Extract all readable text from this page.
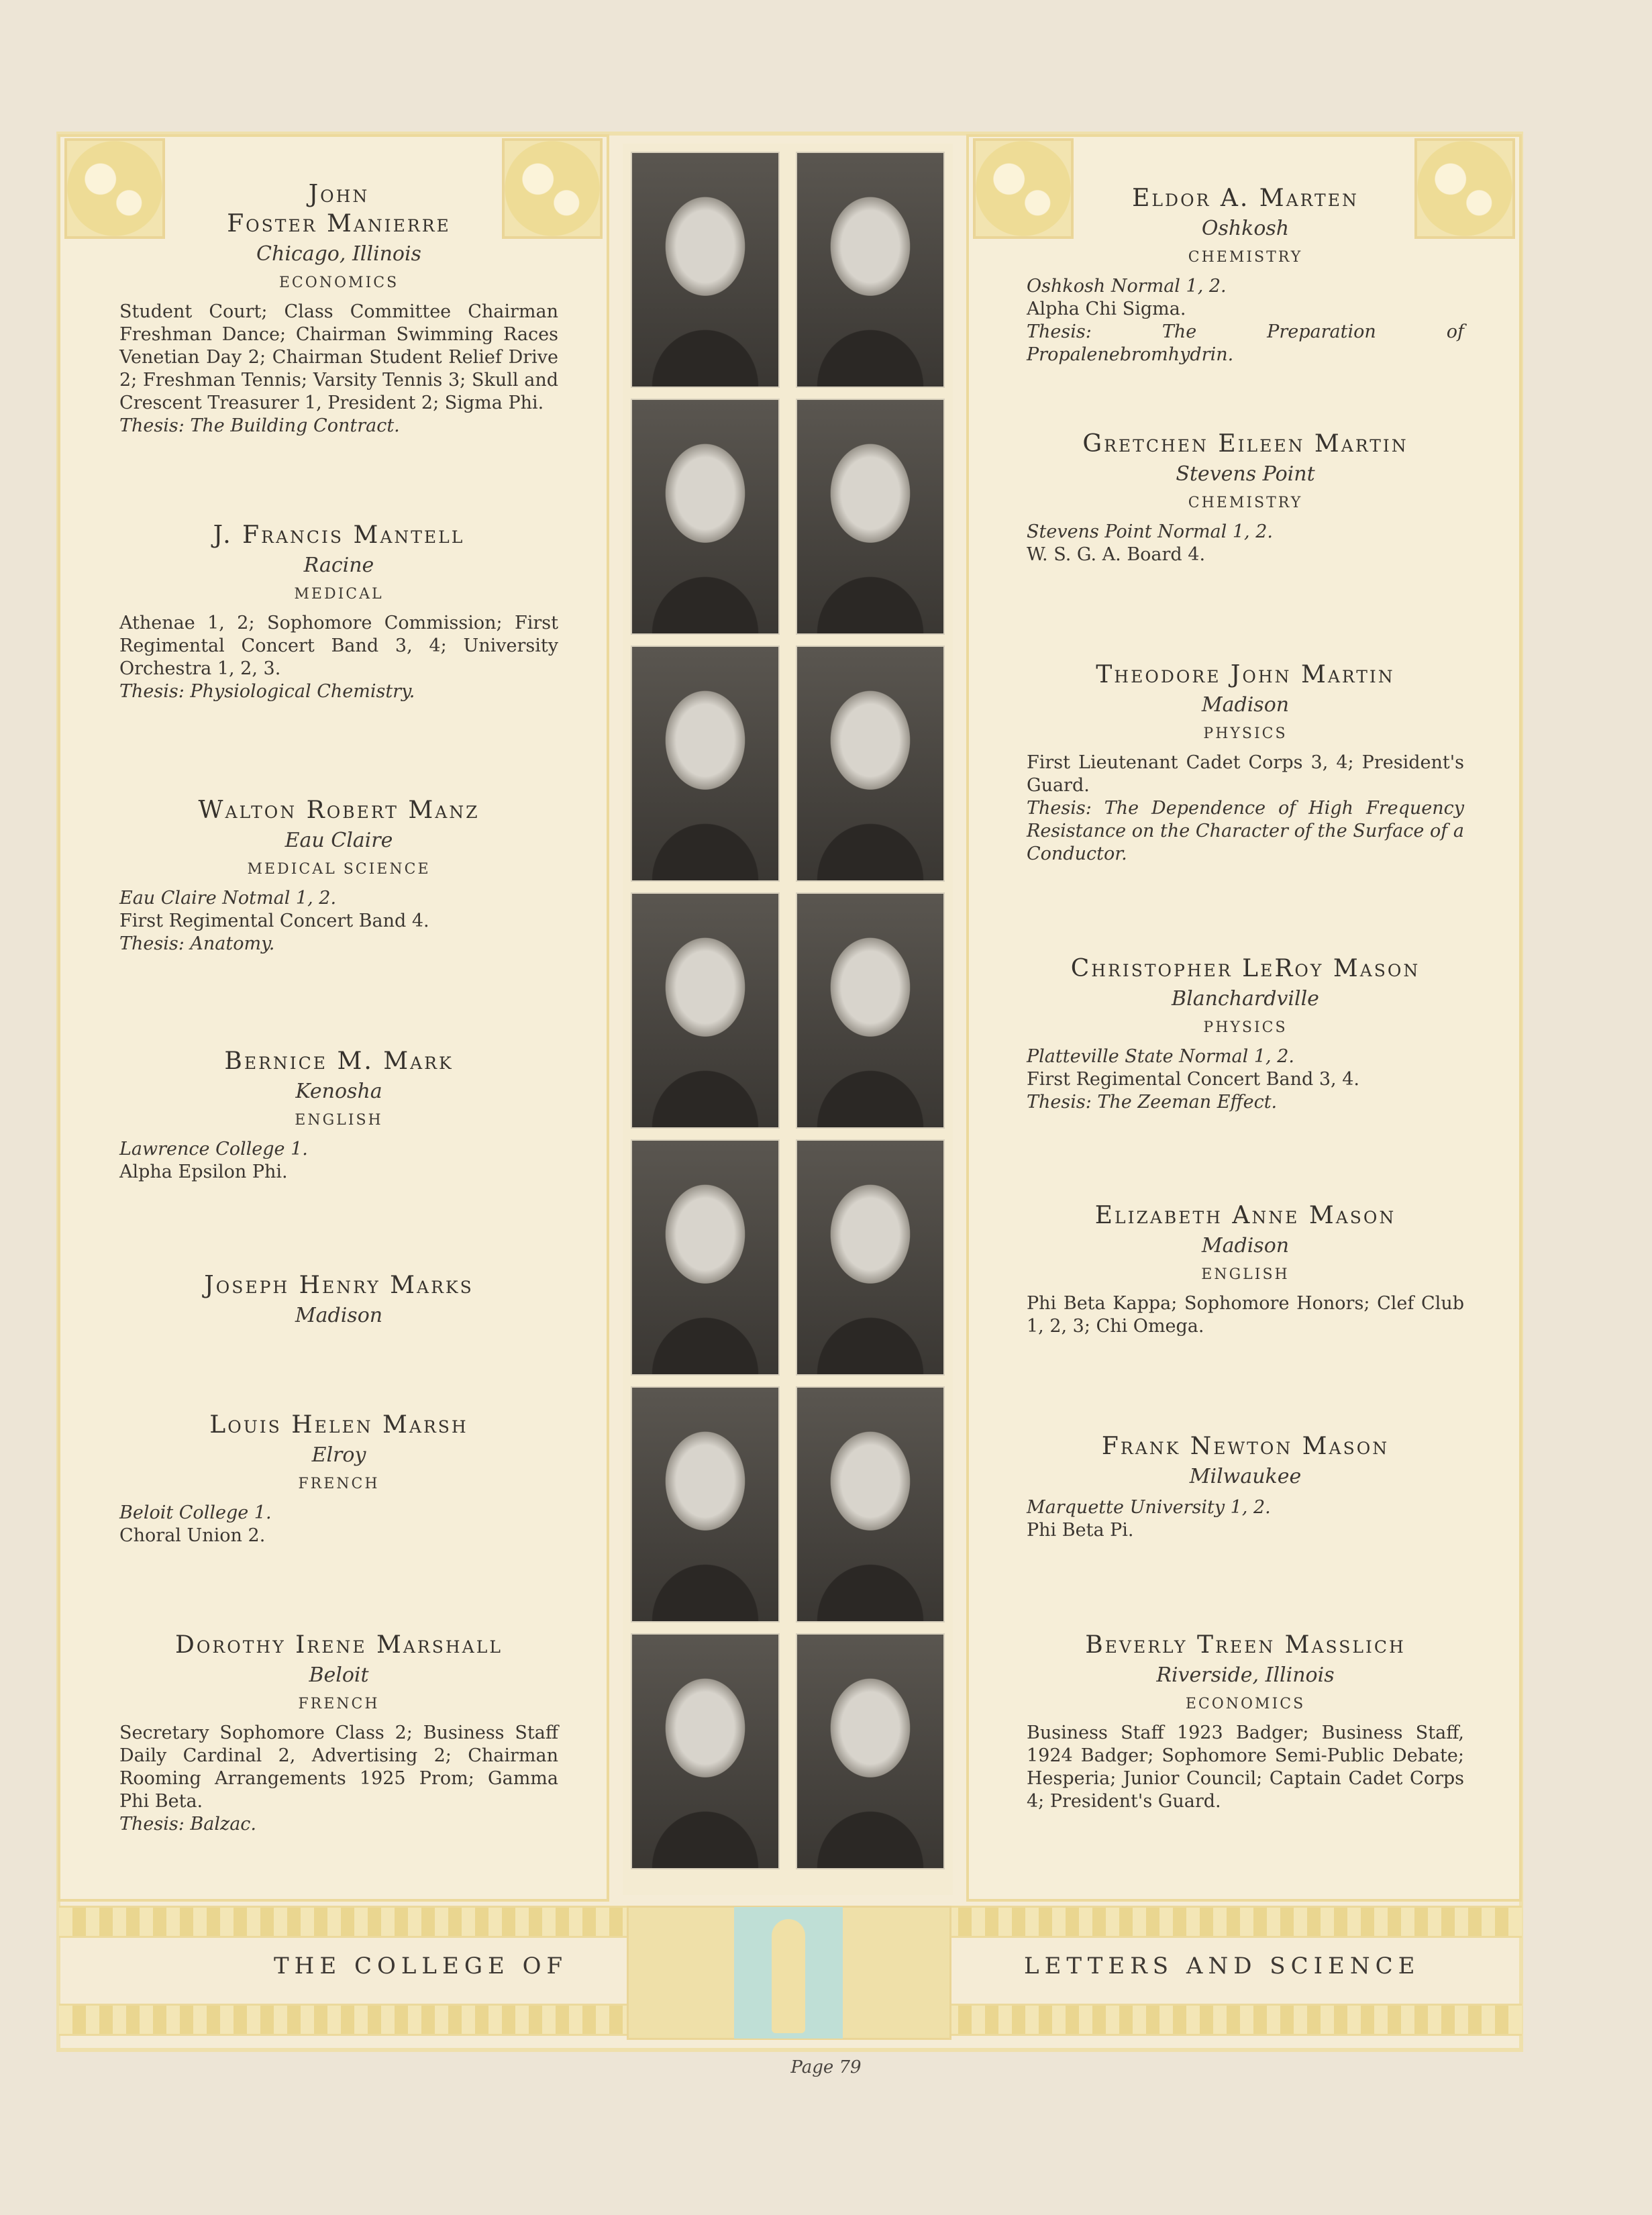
John
Foster Manierre
Chicago, Illinois
ECONOMICS
Student Court; Class Committee Chairman Freshman Dance; Chairman Swimming Races Venetian Day 2; Chairman Student Relief Drive 2; Freshman Tennis; Varsity Tennis 3; Skull and Crescent Treasurer 1, President 2; Sigma Phi.
Thesis: The Building Contract.
J. Francis Mantell
Racine
MEDICAL
Athenae 1, 2; Sophomore Commission; First Regimental Concert Band 3, 4; University Orchestra 1, 2, 3.
Thesis: Physiological Chemistry.
Walton Robert Manz
Eau Claire
MEDICAL SCIENCE
Eau Claire Notmal 1, 2.
First Regimental Concert Band 4.
Thesis: Anatomy.
Bernice M. Mark
Kenosha
ENGLISH
Lawrence College 1.
Alpha Epsilon Phi.
Joseph Henry Marks
Madison
Louis Helen Marsh
Elroy
FRENCH
Beloit College 1.
Choral Union 2.
Dorothy Irene Marshall
Beloit
FRENCH
Secretary Sophomore Class 2; Business Staff Daily Cardinal 2, Advertising 2; Chairman Rooming Arrangements 1925 Prom; Gamma Phi Beta.
Thesis: Balzac.
Eldor A. Marten
Oshkosh
CHEMISTRY
Oshkosh Normal 1, 2.
Alpha Chi Sigma.
Thesis: The Preparation of Propalenebromhydrin.
Gretchen Eileen Martin
Stevens Point
CHEMISTRY
Stevens Point Normal 1, 2.
W. S. G. A. Board 4.
Theodore John Martin
Madison
PHYSICS
First Lieutenant Cadet Corps 3, 4; President's Guard.
Thesis: The Dependence of High Frequency Resistance on the Character of the Surface of a Conductor.
Christopher LeRoy Mason
Blanchardville
PHYSICS
Platteville State Normal 1, 2.
First Regimental Concert Band 3, 4.
Thesis: The Zeeman Effect.
Elizabeth Anne Mason
Madison
ENGLISH
Phi Beta Kappa; Sophomore Honors; Clef Club 1, 2, 3; Chi Omega.
Frank Newton Mason
Milwaukee
Marquette University 1, 2.
Phi Beta Pi.
Beverly Treen Masslich
Riverside, Illinois
ECONOMICS
Business Staff 1923 Badger; Business Staff, 1924 Badger; Sophomore Semi-Public Debate; Hesperia; Junior Council; Captain Cadet Corps 4; President's Guard.
THE COLLEGE OF	LETTERS AND SCIENCE
Page 79
